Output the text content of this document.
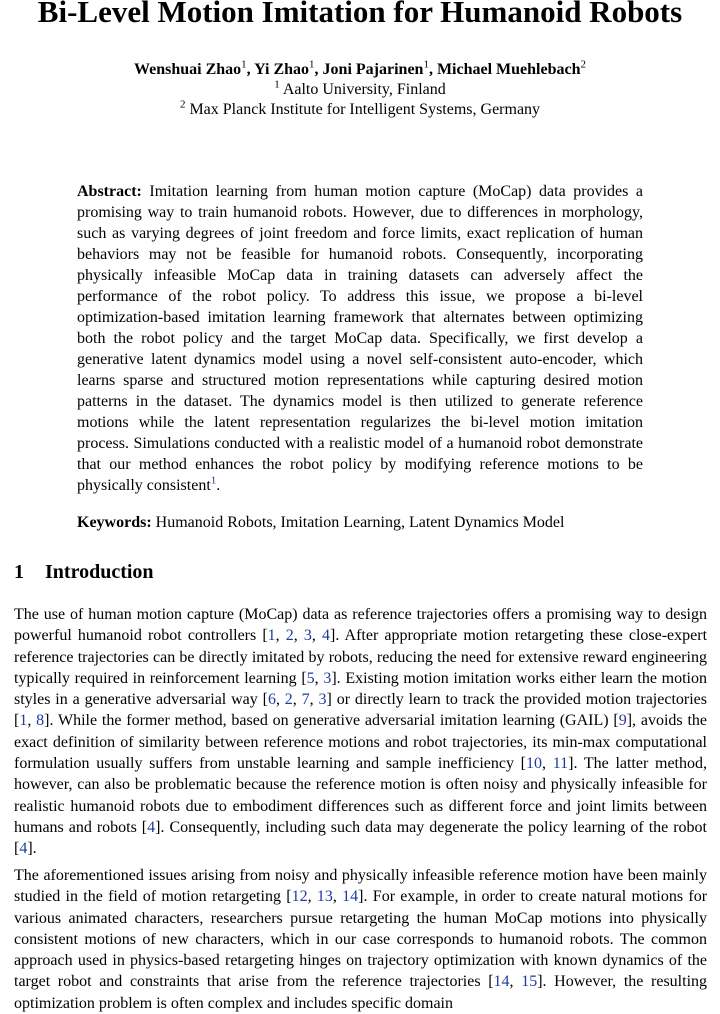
Bi-Level Motion Imitation for Humanoid Robots
Wenshuai Zhao$^1$, Yi Zhao$^1$, Joni Pajarinen$^1$, Michael Muehlebach$^2$
$^1$ Aalto University, Finland
$^2$ Max Planck Institute for Intelligent Systems, Germany

Abstract: Imitation learning from human motion capture (MoCap) data provides a promising way to train humanoid robots. However, due to differences in morphology, such as varying degrees of joint freedom and force limits, exact replication of human behaviors may not be feasible for humanoid robots. Consequently, incorporating physically infeasible MoCap data in training datasets can adversely affect the performance of the robot policy. To address this issue, we propose a bi-level optimization-based imitation learning framework that alternates between optimizing both the robot policy and the target MoCap data. Specifically, we first develop a generative latent dynamics model using a novel self-consistent auto-encoder, which learns sparse and structured motion representations while capturing desired motion patterns in the dataset. The dynamics model is then utilized to generate reference motions while the latent representation regularizes the bi-level motion imitation process. Simulations conducted with a realistic model of a humanoid robot demonstrate that our method enhances the robot policy by modifying reference motions to be physically consistent$^1$.

Keywords: Humanoid Robots, Imitation Learning, Latent Dynamics Model

1 Introduction

The use of human motion capture (MoCap) data as reference trajectories offers a promising way to design powerful humanoid robot controllers [1, 2, 3, 4]. After appropriate motion retargeting these close-expert reference trajectories can be directly imitated by robots, reducing the need for extensive reward engineering typically required in reinforcement learning [5, 3]. Existing motion imitation works either learn the motion styles in a generative adversarial way [6, 2, 7, 3] or directly learn to track the provided motion trajectories [1, 8]. While the former method, based on generative adversarial imitation learning (GAIL) [9], avoids the exact definition of similarity between reference motions and robot trajectories, its min-max computational formulation usually suffers from unstable learning and sample inefficiency [10, 11]. The latter method, however, can also be problematic because the reference motion is often noisy and physically infeasible for realistic humanoid robots due to embodiment differences such as different force and joint limits between humans and robots [4]. Consequently, including such data may degenerate the policy learning of the robot [4].

The aforementioned issues arising from noisy and physically infeasible reference motion have been mainly studied in the field of motion retargeting [12, 13, 14]. For example, in order to create natural motions for various animated characters, researchers pursue retargeting the human MoCap motions into physically consistent motions of new characters, which in our case corresponds to humanoid robots. The common approach used in physics-based retargeting hinges on trajectory optimization with known dynamics of the target robot and constraints that arise from the reference trajectories [14, 15]. However, the resulting optimization problem is often complex and includes specific domain
